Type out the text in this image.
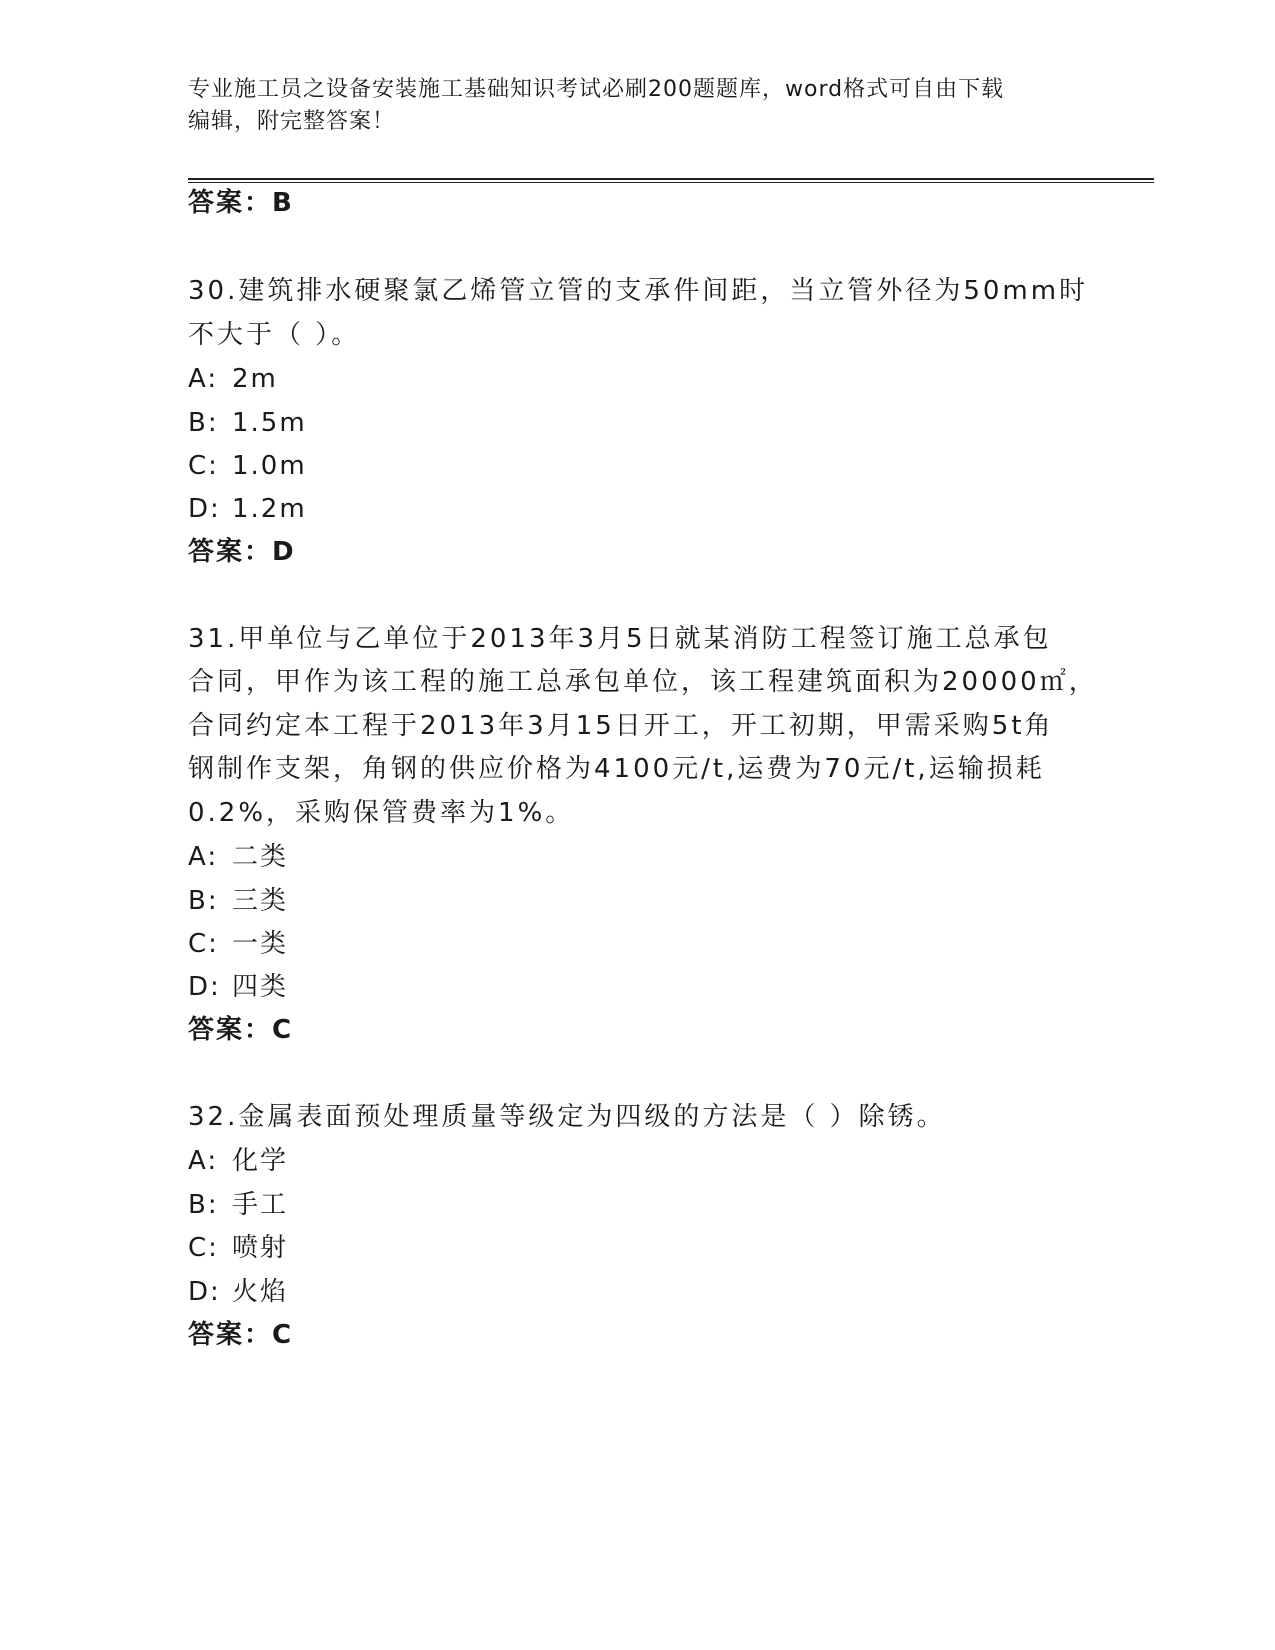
专业施工员之设备安装施工基础知识考试必刷200题题库，word格式可自由下载
编辑，附完整答案！
答案：B
30.建筑排水硬聚氯乙烯管立管的支承件间距，当立管外径为50mm时
不大于（ ）。
A: 2m
B: 1.5m
C: 1.0m
D: 1.2m
答案：D
31.甲单位与乙单位于2013年3月5日就某消防工程签订施工总承包
合同，甲作为该工程的施工总承包单位，该工程建筑面积为20000㎡，
合同约定本工程于2013年3月15日开工，开工初期，甲需采购5t角
钢制作支架，角钢的供应价格为4100元/t,运费为70元/t,运输损耗
0.2%，采购保管费率为1%。
A: 二类
B: 三类
C: 一类
D: 四类
答案：C
32.金属表面预处理质量等级定为四级的方法是（ ）除锈。
A: 化学
B: 手工
C: 喷射
D: 火焰
答案：C
